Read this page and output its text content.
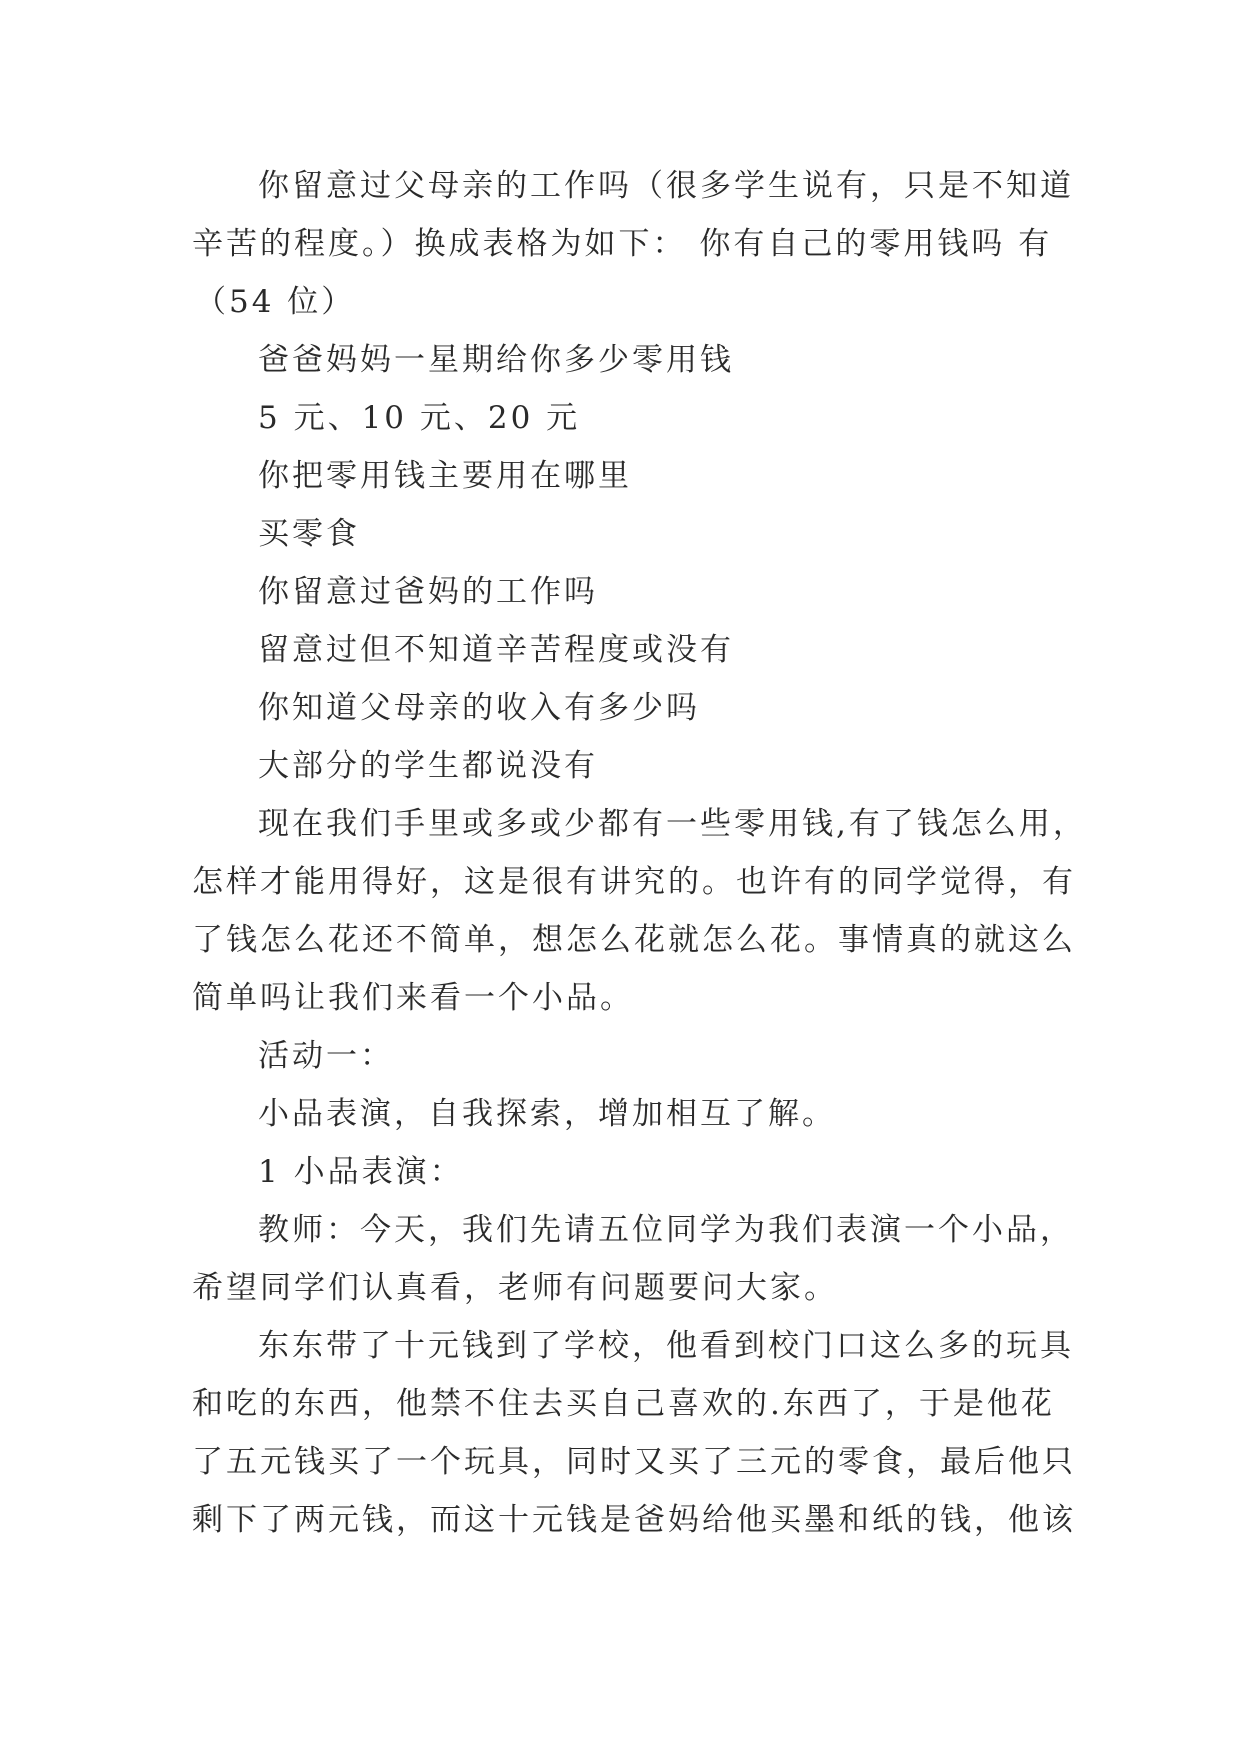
你留意过父母亲的工作吗（很多学生说有，只是不知道
辛苦的程度。）换成表格为如下： 你有自己的零用钱吗 有
（54 位）
爸爸妈妈一星期给你多少零用钱
5 元、10 元、20 元
你把零用钱主要用在哪里
买零食
你留意过爸妈的工作吗
留意过但不知道辛苦程度或没有
你知道父母亲的收入有多少吗
大部分的学生都说没有
现在我们手里或多或少都有一些零用钱,有了钱怎么用，
怎样才能用得好，这是很有讲究的。也许有的同学觉得，有
了钱怎么花还不简单，想怎么花就怎么花。事情真的就这么
简单吗让我们来看一个小品。
活动一：
小品表演，自我探索，增加相互了解。
1 小品表演：
教师：今天，我们先请五位同学为我们表演一个小品，
希望同学们认真看，老师有问题要问大家。
东东带了十元钱到了学校，他看到校门口这么多的玩具
和吃的东西，他禁不住去买自己喜欢的.东西了，于是他花
了五元钱买了一个玩具，同时又买了三元的零食，最后他只
剩下了两元钱，而这十元钱是爸妈给他买墨和纸的钱，他该
